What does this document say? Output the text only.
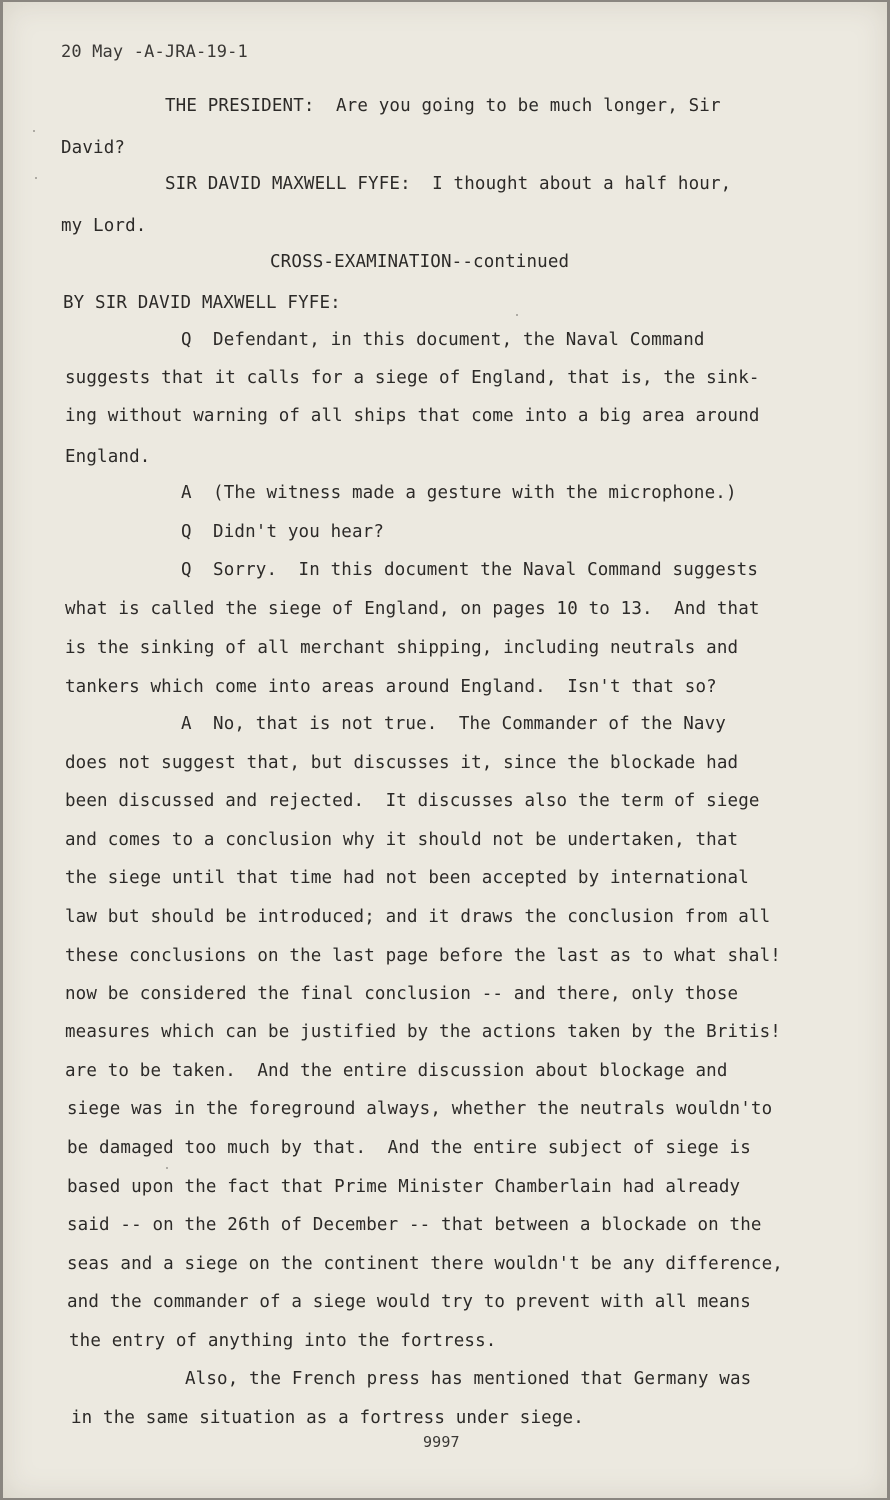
20 May -A-JRA-19-1
THE PRESIDENT:  Are you going to be much longer, Sir
David?
SIR DAVID MAXWELL FYFE:  I thought about a half hour,
my Lord.
CROSS-EXAMINATION--continued
BY SIR DAVID MAXWELL FYFE:
Q  Defendant, in this document, the Naval Command
suggests that it calls for a siege of England, that is, the sink-
ing without warning of all ships that come into a big area around
England.
A  (The witness made a gesture with the microphone.)
Q  Didn't you hear?
Q  Sorry.  In this document the Naval Command suggests
what is called the siege of England, on pages 10 to 13.  And that
is the sinking of all merchant shipping, including neutrals and
tankers which come into areas around England.  Isn't that so?
A  No, that is not true.  The Commander of the Navy
does not suggest that, but discusses it, since the blockade had
been discussed and rejected.  It discusses also the term of siege
and comes to a conclusion why it should not be undertaken, that
the siege until that time had not been accepted by international
law but should be introduced; and it draws the conclusion from all
these conclusions on the last page before the last as to what shal!
now be considered the final conclusion -- and there, only those
measures which can be justified by the actions taken by the Britis!
are to be taken.  And the entire discussion about blockage and
siege was in the foreground always, whether the neutrals wouldn'to
be damaged too much by that.  And the entire subject of siege is
based upon the fact that Prime Minister Chamberlain had already
said -- on the 26th of December -- that between a blockade on the
seas and a siege on the continent there wouldn't be any difference,
and the commander of a siege would try to prevent with all means
the entry of anything into the fortress.
Also, the French press has mentioned that Germany was
in the same situation as a fortress under siege.
9997
